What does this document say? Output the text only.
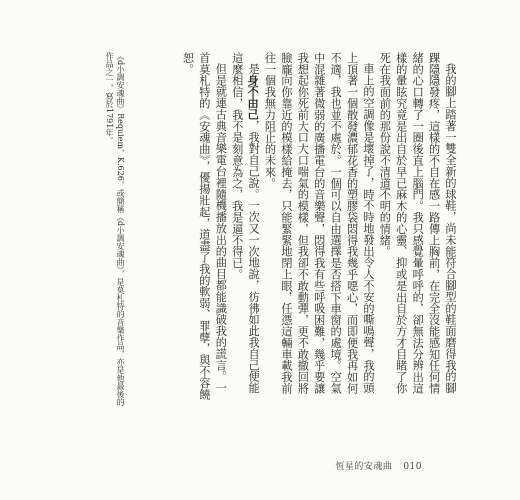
我的腳上踏著一雙全新的球鞋，尚未能符合腳型的鞋面磨得我的腳踝隱隱發疼，這樣的不自在感一路傳上胸前，在完全沒能感知任何情緒的心口轉了一圈後直上腦門。我只感覺暈呼呼的，卻無法分辨出這樣的暈眩究竟是出自於早已麻木的心靈、抑或是出自於方才目睹了你死在我面前的那份說不清道不明的情緒。

車上的空調像是壞掉了，時不時地發出令人不安的嘶鳴聲，我的頭上頂著一個散發濃郁花香的塑膠袋悶得我幾乎噁心，而即便我再如何不適，我也並不處於。一個可以自由選擇是否搭下車窗的處境。空氣中混雜著微弱的廣播電台的音樂聲，悶得我有些呼吸困難，幾乎要讓我想起你死前大口大口喘氣的模樣，但我卻不敢動彈，更不敢撤回將臉龐向你靠近的模樣給掩去，只能緊緊地閉上眼，任憑這輛車載我前往一個我無力阻止的未來。

是身不由己，我對自己說。一次又一次地說，彷彿如此我自己便能這麼相信，我不是刻意為之，我是逼不得已。

但是就連古典音樂電台裡隨機播放出的曲目都能識破我的謊言。一首莫札特的《安魂曲》，優揚壯起，道盡了我的軟弱、罪孽，與不容饒恕。

《d小調安魂曲》Requiem，K.626，或簡稱《d小調安魂曲》，是莫札特的音樂作品，亦是他最後的作品之一，寫於1791年。

恆星的安魂曲 010
